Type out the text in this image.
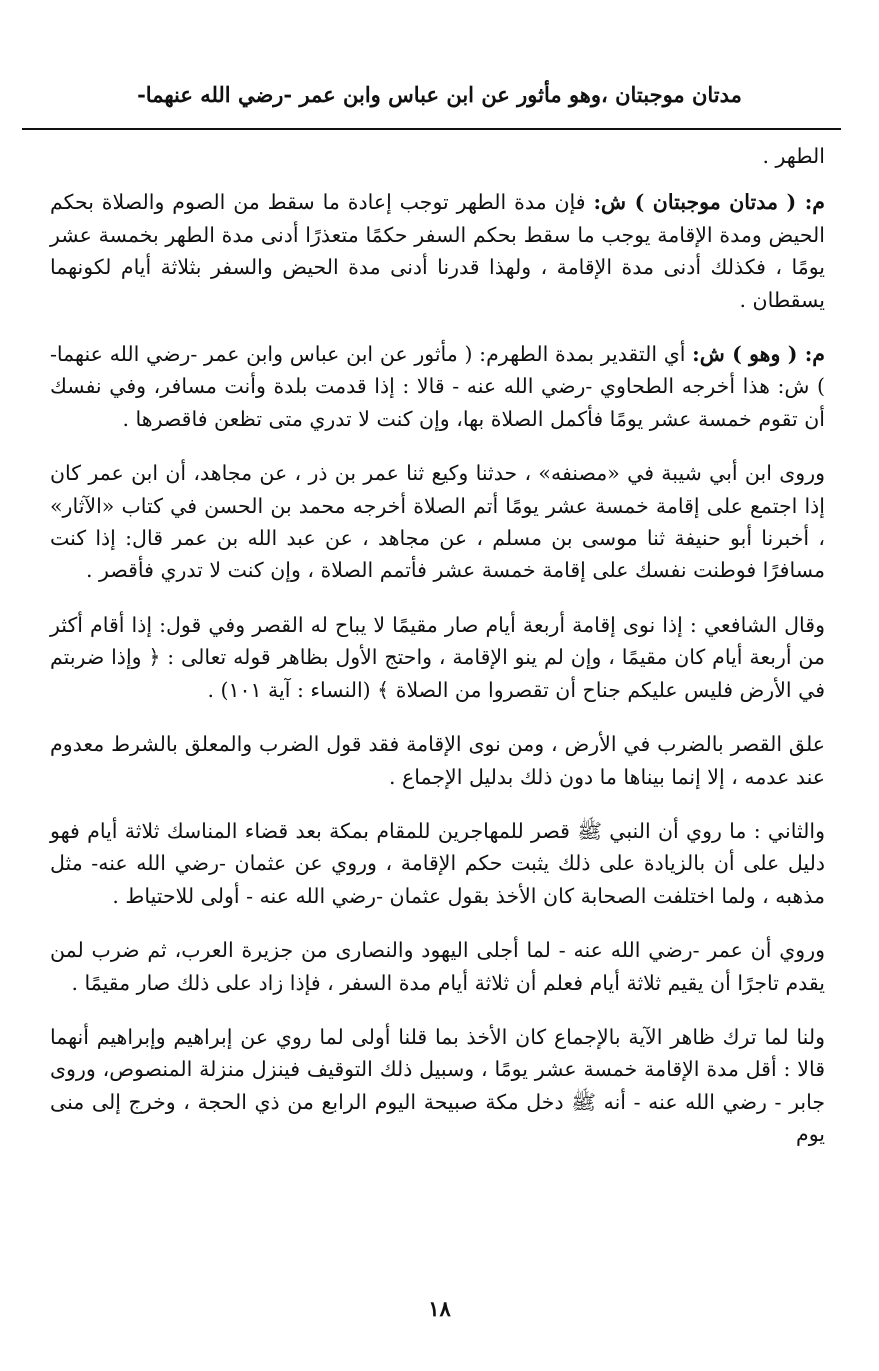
مدتان موجبتان ،وهو مأثور عن ابن عباس وابن عمر -رضي الله عنهما-

الطهر .

م: ( مدتان موجبتان ) ش: فإن مدة الطهر توجب إعادة ما سقط من الصوم والصلاة بحكم الحيض ومدة الإقامة يوجب ما سقط بحكم السفر حكمًا متعذرًا أدنى مدة الطهر بخمسة عشر يومًا ، فكذلك أدنى مدة الإقامة ، ولهذا قدرنا أدنى مدة الحيض والسفر بثلاثة أيام لكونهما يسقطان .

م: ( وهو ) ش: أي التقدير بمدة الطهرم: ( مأثور عن ابن عباس وابن عمر -رضي الله عنهما- ) ش: هذا أخرجه الطحاوي -رضي الله عنه - قالا : إذا قدمت بلدة وأنت مسافر، وفي نفسك أن تقوم خمسة عشر يومًا فأكمل الصلاة بها، وإن كنت لا تدري متى تظعن فاقصرها .

وروى ابن أبي شيبة في «مصنفه» ، حدثنا وكيع ثنا عمر بن ذر ، عن مجاهد، أن ابن عمر كان إذا اجتمع على إقامة خمسة عشر يومًا أتم الصلاة أخرجه محمد بن الحسن في كتاب «الآثار» ، أخبرنا أبو حنيفة ثنا موسى بن مسلم ، عن مجاهد ، عن عبد الله بن عمر قال: إذا كنت مسافرًا فوطنت نفسك على إقامة خمسة عشر فأتمم الصلاة ، وإن كنت لا تدري فأقصر .

وقال الشافعي : إذا نوى إقامة أربعة أيام صار مقيمًا لا يباح له القصر وفي قول: إذا أقام أكثر من أربعة أيام كان مقيمًا ، وإن لم ينو الإقامة ، واحتج الأول بظاهر قوله تعالى : ﴿ وإذا ضربتم في الأرض فليس عليكم جناح أن تقصروا من الصلاة ﴾ (النساء : آية ١٠١) .

علق القصر بالضرب في الأرض ، ومن نوى الإقامة فقد قول الضرب والمعلق بالشرط معدوم عند عدمه ، إلا إنما بيناها ما دون ذلك بدليل الإجماع .

والثاني : ما روي أن النبي ﷺ قصر للمهاجرين للمقام بمكة بعد قضاء المناسك ثلاثة أيام فهو دليل على أن بالزيادة على ذلك يثبت حكم الإقامة ، وروي عن عثمان -رضي الله عنه- مثل مذهبه ، ولما اختلفت الصحابة كان الأخذ بقول عثمان -رضي الله عنه - أولى للاحتياط .

وروي أن عمر -رضي الله عنه - لما أجلى اليهود والنصارى من جزيرة العرب، ثم ضرب لمن يقدم تاجرًا أن يقيم ثلاثة أيام فعلم أن ثلاثة أيام مدة السفر ، فإذا زاد على ذلك صار مقيمًا .

ولنا لما ترك ظاهر الآية بالإجماع كان الأخذ بما قلنا أولى لما روي عن إبراهيم وإبراهيم أنهما قالا : أقل مدة الإقامة خمسة عشر يومًا ، وسبيل ذلك التوقيف فينزل منزلة المنصوص، وروى جابر - رضي الله عنه - أنه ﷺ دخل مكة صبيحة اليوم الرابع من ذي الحجة ، وخرج إلى منى يوم

١٨
